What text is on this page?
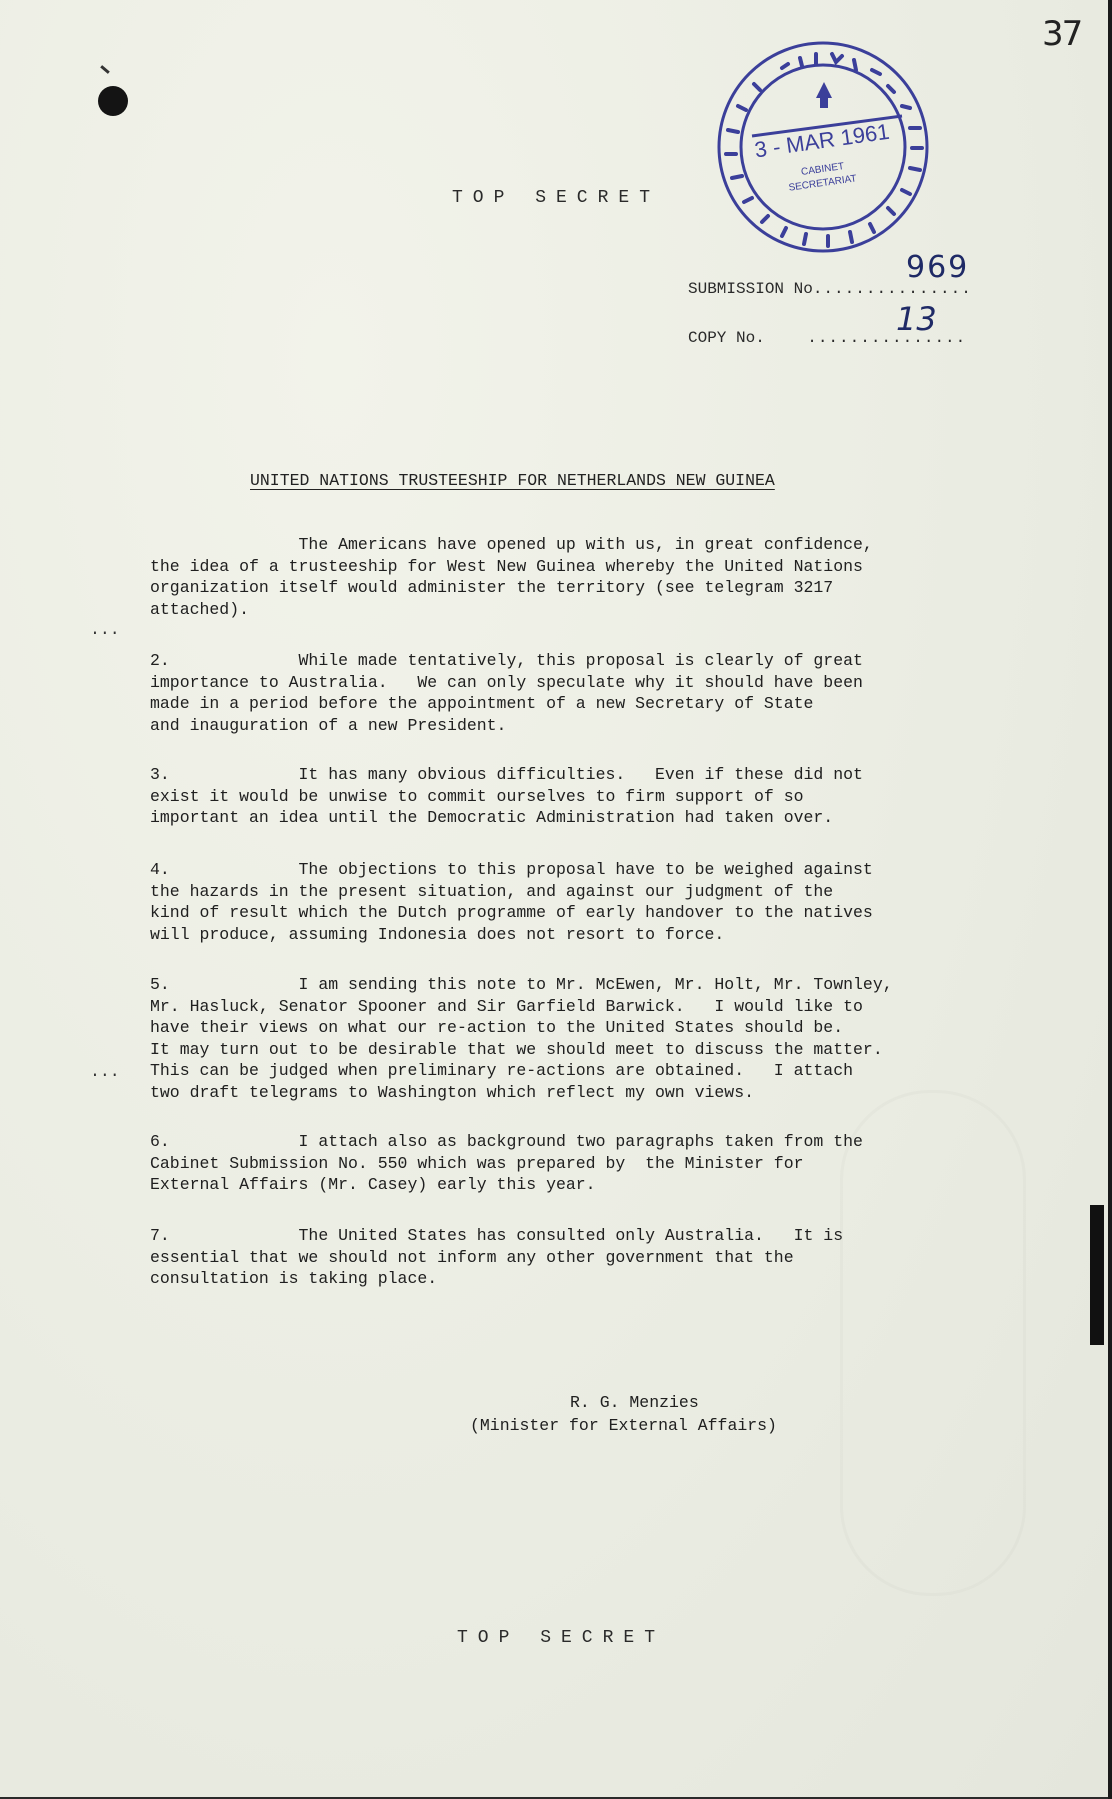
37
TOP SECRET
3 - MAR 1961
CABINET
SECRETARIAT
SUBMISSION No...............
969
COPY No.    ...............
13
UNITED NATIONS TRUSTEESHIP FOR NETHERLANDS NEW GUINEA
...
...
The Americans have opened up with us, in great confidence,
the idea of a trusteeship for West New Guinea whereby the United Nations
organization itself would administer the territory (see telegram 3217
attached).
2.             While made tentatively, this proposal is clearly of great
importance to Australia.   We can only speculate why it should have been
made in a period before the appointment of a new Secretary of State
and inauguration of a new President.
3.             It has many obvious difficulties.   Even if these did not
exist it would be unwise to commit ourselves to firm support of so
important an idea until the Democratic Administration had taken over.
4.             The objections to this proposal have to be weighed against
the hazards in the present situation, and against our judgment of the
kind of result which the Dutch programme of early handover to the natives
will produce, assuming Indonesia does not resort to force.
5.             I am sending this note to Mr. McEwen, Mr. Holt, Mr. Townley,
Mr. Hasluck, Senator Spooner and Sir Garfield Barwick.   I would like to
have their views on what our re-action to the United States should be.
It may turn out to be desirable that we should meet to discuss the matter.
This can be judged when preliminary re-actions are obtained.   I attach
two draft telegrams to Washington which reflect my own views.
6.             I attach also as background two paragraphs taken from the
Cabinet Submission No. 550 which was prepared by  the Minister for
External Affairs (Mr. Casey) early this year.
7.             The United States has consulted only Australia.   It is
essential that we should not inform any other government that the
consultation is taking place.
R. G. Menzies
(Minister for External Affairs)
TOP SECRET
